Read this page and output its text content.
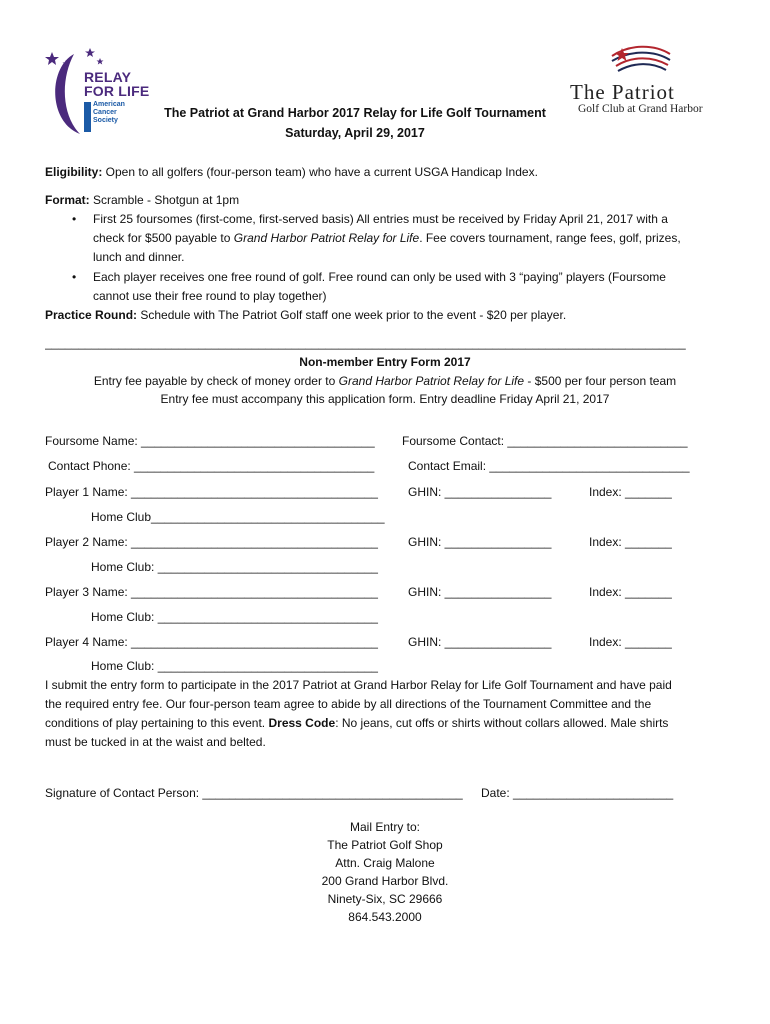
RELAY
FOR LIFE
American
Cancer
Society
The Patriot
Golf Club at Grand Harbor
The Patriot at Grand Harbor 2017 Relay for Life Golf Tournament
Saturday, April 29, 2017
Eligibility: Open to all golfers (four-person team) who have a current USGA Handicap Index.
Format: Scramble - Shotgun at 1pm
• First 25 foursomes (first-come, first-served basis) All entries must be received by Friday April 21, 2017 with a
check for $500 payable to Grand Harbor Patriot Relay for Life. Fee covers tournament, range fees, golf, prizes,
lunch and dinner.
• Each player receives one free round of golf. Free round can only be used with 3 “paying” players (Foursome
cannot use their free round to play together)
Practice Round: Schedule with The Patriot Golf staff one week prior to the event - $20 per player.
________________________________________________________________________________________________
Non-member Entry Form 2017
Entry fee payable by check of money order to Grand Harbor Patriot Relay for Life - $500 per four person team
Entry fee must accompany this application form. Entry deadline Friday April 21, 2017
Foursome Name: ___________________________________ Foursome Contact: ___________________________
Contact Phone: ____________________________________	Contact Email: ______________________________
Player 1 Name: _____________________________________	GHIN: ________________	Index: _______
Home Club___________________________________
Player 2 Name: _____________________________________	GHIN: ________________	Index: _______
Home Club: _________________________________
Player 3 Name: _____________________________________	GHIN: ________________	Index: _______
Home Club: _________________________________
Player 4 Name: _____________________________________	GHIN: ________________	Index: _______
Home Club: _________________________________
I submit the entry form to participate in the 2017 Patriot at Grand Harbor Relay for Life Golf Tournament and have paid
the required entry fee. Our four-person team agree to abide by all directions of the Tournament Committee and the
conditions of play pertaining to this event. Dress Code: No jeans, cut offs or shirts without collars allowed. Male shirts
must be tucked in at the waist and belted.
Signature of Contact Person: _______________________________________ Date: ________________________
Mail Entry to:
The Patriot Golf Shop
Attn. Craig Malone
200 Grand Harbor Blvd.
Ninety-Six, SC 29666
864.543.2000
